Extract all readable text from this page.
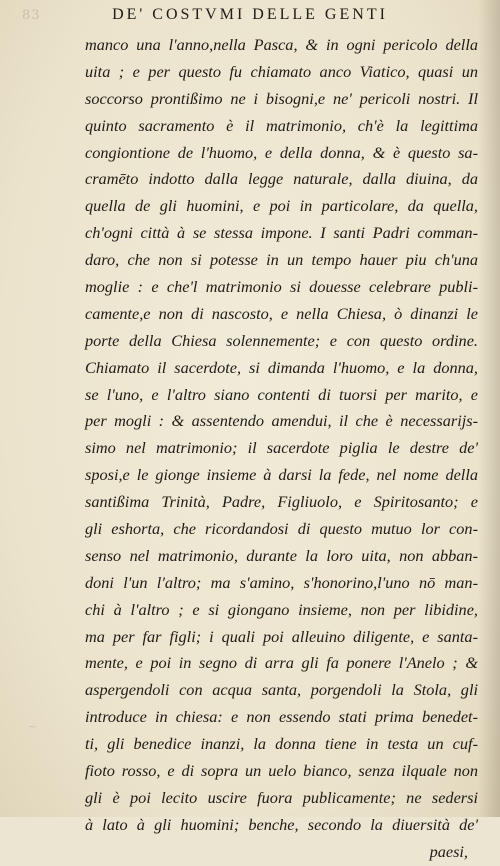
83	DE' COSTVMI DELLE GENTI
manco una l'anno,nella Pasca, & in ogni pericolo della
uita ; e per questo fu chiamato anco Viatico, quasi un
soccorso prontißimo ne i bisogni,e ne' pericoli nostri. Il
quinto sacramento è il matrimonio, ch'è la legittima
congiontione de l'huomo, e della donna, & è questo sa-
cramēto indotto dalla legge naturale, dalla diuina, da
quella de gli huomini, e poi in particolare, da quella,
ch'ogni città à se stessa impone. I santi Padri comman-
daro, che non si potesse in un tempo hauer piu ch'una
moglie : e che'l matrimonio si douesse celebrare publi-
camente,e non di nascosto, e nella Chiesa, ò dinanzi le
porte della Chiesa solennemente; e con questo ordine.
Chiamato il sacerdote, si dimanda l'huomo, e la donna,
se l'uno, e l'altro siano contenti di tuorsi per marito, e
per mogli : & assentendo amendui, il che è necessarijs-
simo nel matrimonio; il sacerdote piglia le destre de'
sposi,e le gionge insieme à darsi la fede, nel nome della
santißima Trinità, Padre, Figliuolo, e Spiritosanto; e
gli eshorta, che ricordandosi di questo mutuo lor con-
senso nel matrimonio, durante la loro uita, non abban-
doni l'un l'altro; ma s'amino, s'honorino,l'uno nō man-
chi à l'altro ; e si giongano insieme, non per libidine,
ma per far figli; i quali poi alleuino diligente, e santa-
mente, e poi in segno di arra gli fa ponere l'Anelo ; &
aspergendoli con acqua santa, porgendoli la Stola, gli
introduce in chiesa: e non essendo stati prima benedet-
ti, gli benedice inanzi, la donna tiene in testa un cuf-
fioto rosso, e di sopra un uelo bianco, senza ilquale non
gli è poi lecito uscire fuora publicamente; ne sedersi
à lato à gli huomini; benche, secondo la diuersità de'
paesi,
~
